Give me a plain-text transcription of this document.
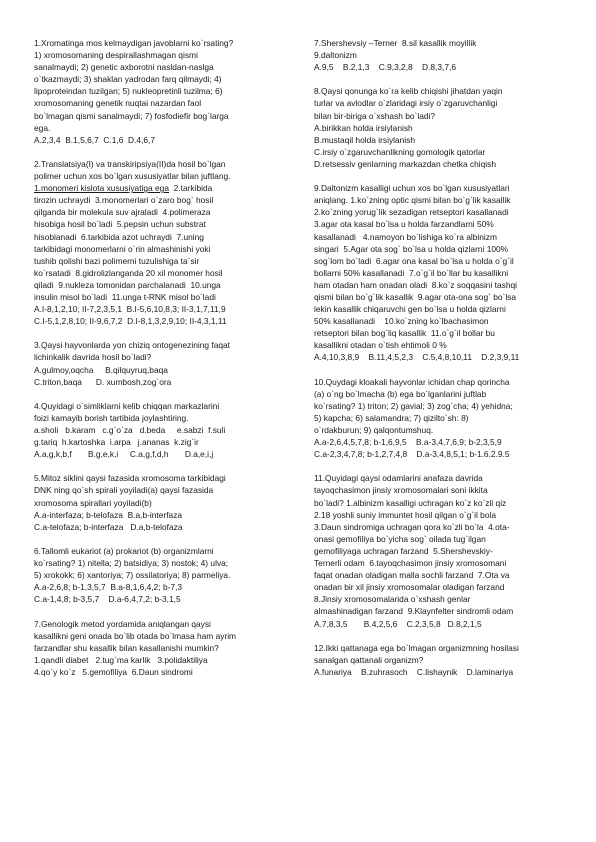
1.Xromatinga mos kelmaydigan javoblarni ko`rsating?
1) xromosomaning despirallashmagan qismi
sanalmaydi; 2) genetic axborotni nasldan-naslga
o`tkazmaydi; 3) shaklan yadrodan farq qilmaydi; 4)
lipoproteindan tuzilgan; 5) nukleopretinli tuzilma; 6)
xromosomaning genetik nuqtai nazardan faol
bo`lmagan qismi sanalmaydi; 7) fosfodiefir bog`larga
ega.
A.2,3,4  B.1,5,6,7  C.1,6  D.4,6,7
2.Translatsiya(I) va transkiripsiya(II)da hosil bo`lgan
polimer uchun xos bo`lgan xususiyatlar bilan juftlang.
1.monomeri kislota xususiyatiga ega  2.tarkibida
tirozin uchraydi  3.monomerlari o`zaro bog` hosil
qilganda bir molekula suv ajraladi  4.polimeraza
hisobiga hosil bo`ladi  5.pepsin uchun substrat
hisoblanadi  6.tarkibida azot uchraydi  7.uning
tarkibidagi monomerlarni o`rin almashinishi yoki
tushib qolishi bazi polimerni tuzulishiga ta`sir
ko`rsatadi  8.gidrolizlanganda 20 xil monomer hosil
qiladi  9.nukleza tomonidan parchalanadi  10.unga
insulin misol bo`ladi  11.unga t-RNK misol bo`ladi
A.I-8,1,2,10; II-7,2,3,5,1  B.I-5,6,10,8,3; II-3,1,7,11,9
C.I-5,1,2,8,10; II-9,6,7,2  D.I-8,1,3,2,9,10; II-4,3,1,11
3.Qaysi hayvonlarda yon chiziq ontogenezining faqat
lichinkalik davrida hosil bo`ladi?
A.gulmoy,oqcha     B.qilquyruq,baqa
C.triton,baqa      D. xumbosh,zog`ora
4.Quyidagi o`simliklarni kelib chiqqan markazlarini
foizi kamayib borish tartibida joylashtiring.
a.sholi   b.karam   c.g`o`za   d.beda     e.sabzi  f.suli
g.tariq  h.kartoshka  i.arpa   j.ananas  k.zig`ir
A.a,g,k,b,f       B.g,e,k,i     C.a,g,f,d,h       D.a,e,i,j
5.Mitoz siklini qaysi fazasida xromosoma tarkibidagi
DNK ning qo`sh spirali yoyiladi(a) qaysi fazasida
xromosoma spirallari yoyiladi(b)
A.a-interfaza; b-telofaza  B.a,b-interfaza
C.a-telofaza; b-interfaza   D.a,b-telofaza
6.Tallomli eukariot (a) prokariot (b) organizmlarni
ko`rsating? 1) nitella; 2) batsidiya; 3) nostok; 4) ulva;
5) xrokokk; 6) xantoriya; 7) ossilatoriya; 8) parmeliya.
A.a-2,6,8; b-1,3,5,7  B.a-8,1,6,4,2; b-7,3
C.a-1,4,8; b-3,5,7    D.a-6,4,7,2; b-3,1,5
7.Genologik metod yordamida aniqlangan qaysi
kasallikni geni onada bo`lib otada bo`lmasa ham ayrim
farzandlar shu kasallik bilan kasallanishi mumkin?
1.qandli diabet   2.tug`ma karlik   3.polidaktiliya
4.qo`y ko`z   5.gemofiliya  6.Daun sindromi
7.Shershevsiy –Terner  8.sil kasallik moyillik
9.daltonizm
A.9,5    B.2,1,3    C.9,3,2,8    D.8,3,7,6
8.Qaysi qonunga ko`ra kelib chiqishi jihatdan yaqin
turlar va avlodlar o`zlaridagi irsiy o`zgaruvchanligi
bilan bir-biriga o`xshash bo`ladi?
A.birikkan holda irsiylanish
B.mustaqil holda irsiylanish
C.irsiy o`zgaruvchanlikning gomologik qatorlar
D.retsessiv genlarning markazdan chetka chiqish
9.Daltonizm kasalligi uchun xos bo`lgan xususiyatlari
aniqlang. 1.ko`zning optic qismi bilan bo`g`lik kasallik
2.ko`zning yorug`lik sezadigan retseptori kasallanadi
3.agar ota kasal bo`lsa u holda farzandlarni 50%
kasallanadi   4.namoyon bo`lishiga ko`ra albinizm
singari  5.Agar ota sog` bo`lsa u holda qizlarni 100%
sog`lom bo`ladi  6.agar ona kasal bo`lsa u holda o`g`il
bollarni 50% kasallanadi  7.o`g`il bo`llar bu kasallikni
ham otadan ham onadan oladi  8.ko`z soqqasini tashqi
qismi bilan bo`g`lik kasallik  9.agar ota-ona sog` bo`lsa
lekin kasallik chiqaruvchi gen bo`lsa u holda qizlarni
50% kasallanadi    10.ko`zning ko`lbachasimon
retseptori bilan bog`liq kasallik  11.o`g`il bollar bu
kasallikni otadan o`tish ehtimoli 0 %
A.4,10,3,8,9    B.11,4,5,2,3    C.5,4,8,10,11    D.2,3,9,11
10.Quydagi kloakali hayvonlar ichidan chap qorincha
(a) o`ng bo`lmacha (b) ega bo`lganlarini juftlab
ko`rsating? 1) triton; 2) gavial; 3) zog`cha; 4) yehidna;
5) kapcha; 6) salamandra; 7) qizilto`sh: 8)
o`rdakburun; 9) qalqontumshuq.
A.a-2,6,4,5,7,8; b-1,6,9,5    B.a-3,4,7,6,9; b-2,3,5,9
C.a-2,3,4,7,8; b-1,2,7,4,8    D.a-3,4,8,5,1; b-1.6.2.9.5
11.Quyidagi qaysi odamlarini anafaza davrida
tayoqchasimon jinsiy xromosomalari soni ikkita
bo`ladi? 1.albinizm kasalligi uchragan ko`z ko`zli qiz
2.18 yoshli suniy immuntet hosil qilgan o`g`il bola
3.Daun sindromiga uchragan qora ko`zli bo`la  4.ota-
onasi gemofiliya bo`yicha sog` oilada tug`ilgan
gemofiliyaga uchragan farzand  5.Shershevskiy-
Ternerli odam  6.tayoqchasimon jinsiy xromosomani
faqat onadan oladigan malla sochli farzand  7.Ota va
onadan bir xil jinsiy xromosomalar oladigan farzand
8.Jinsiy xromosomalarida o`xshash genlar
almashinadigan farzand  9.Klaynfelter sindromli odam
A.7,8,3,5       B.4,2,5,6    C.2,3,5,8   D.8,2,1,5
12.Ikki qattanaga ega bo`lmagan organizmning hosilasi
sanalgan qattanali organizm?
A.funariya    B.zuhrasoch    C.lishaynik    D.laminariya
